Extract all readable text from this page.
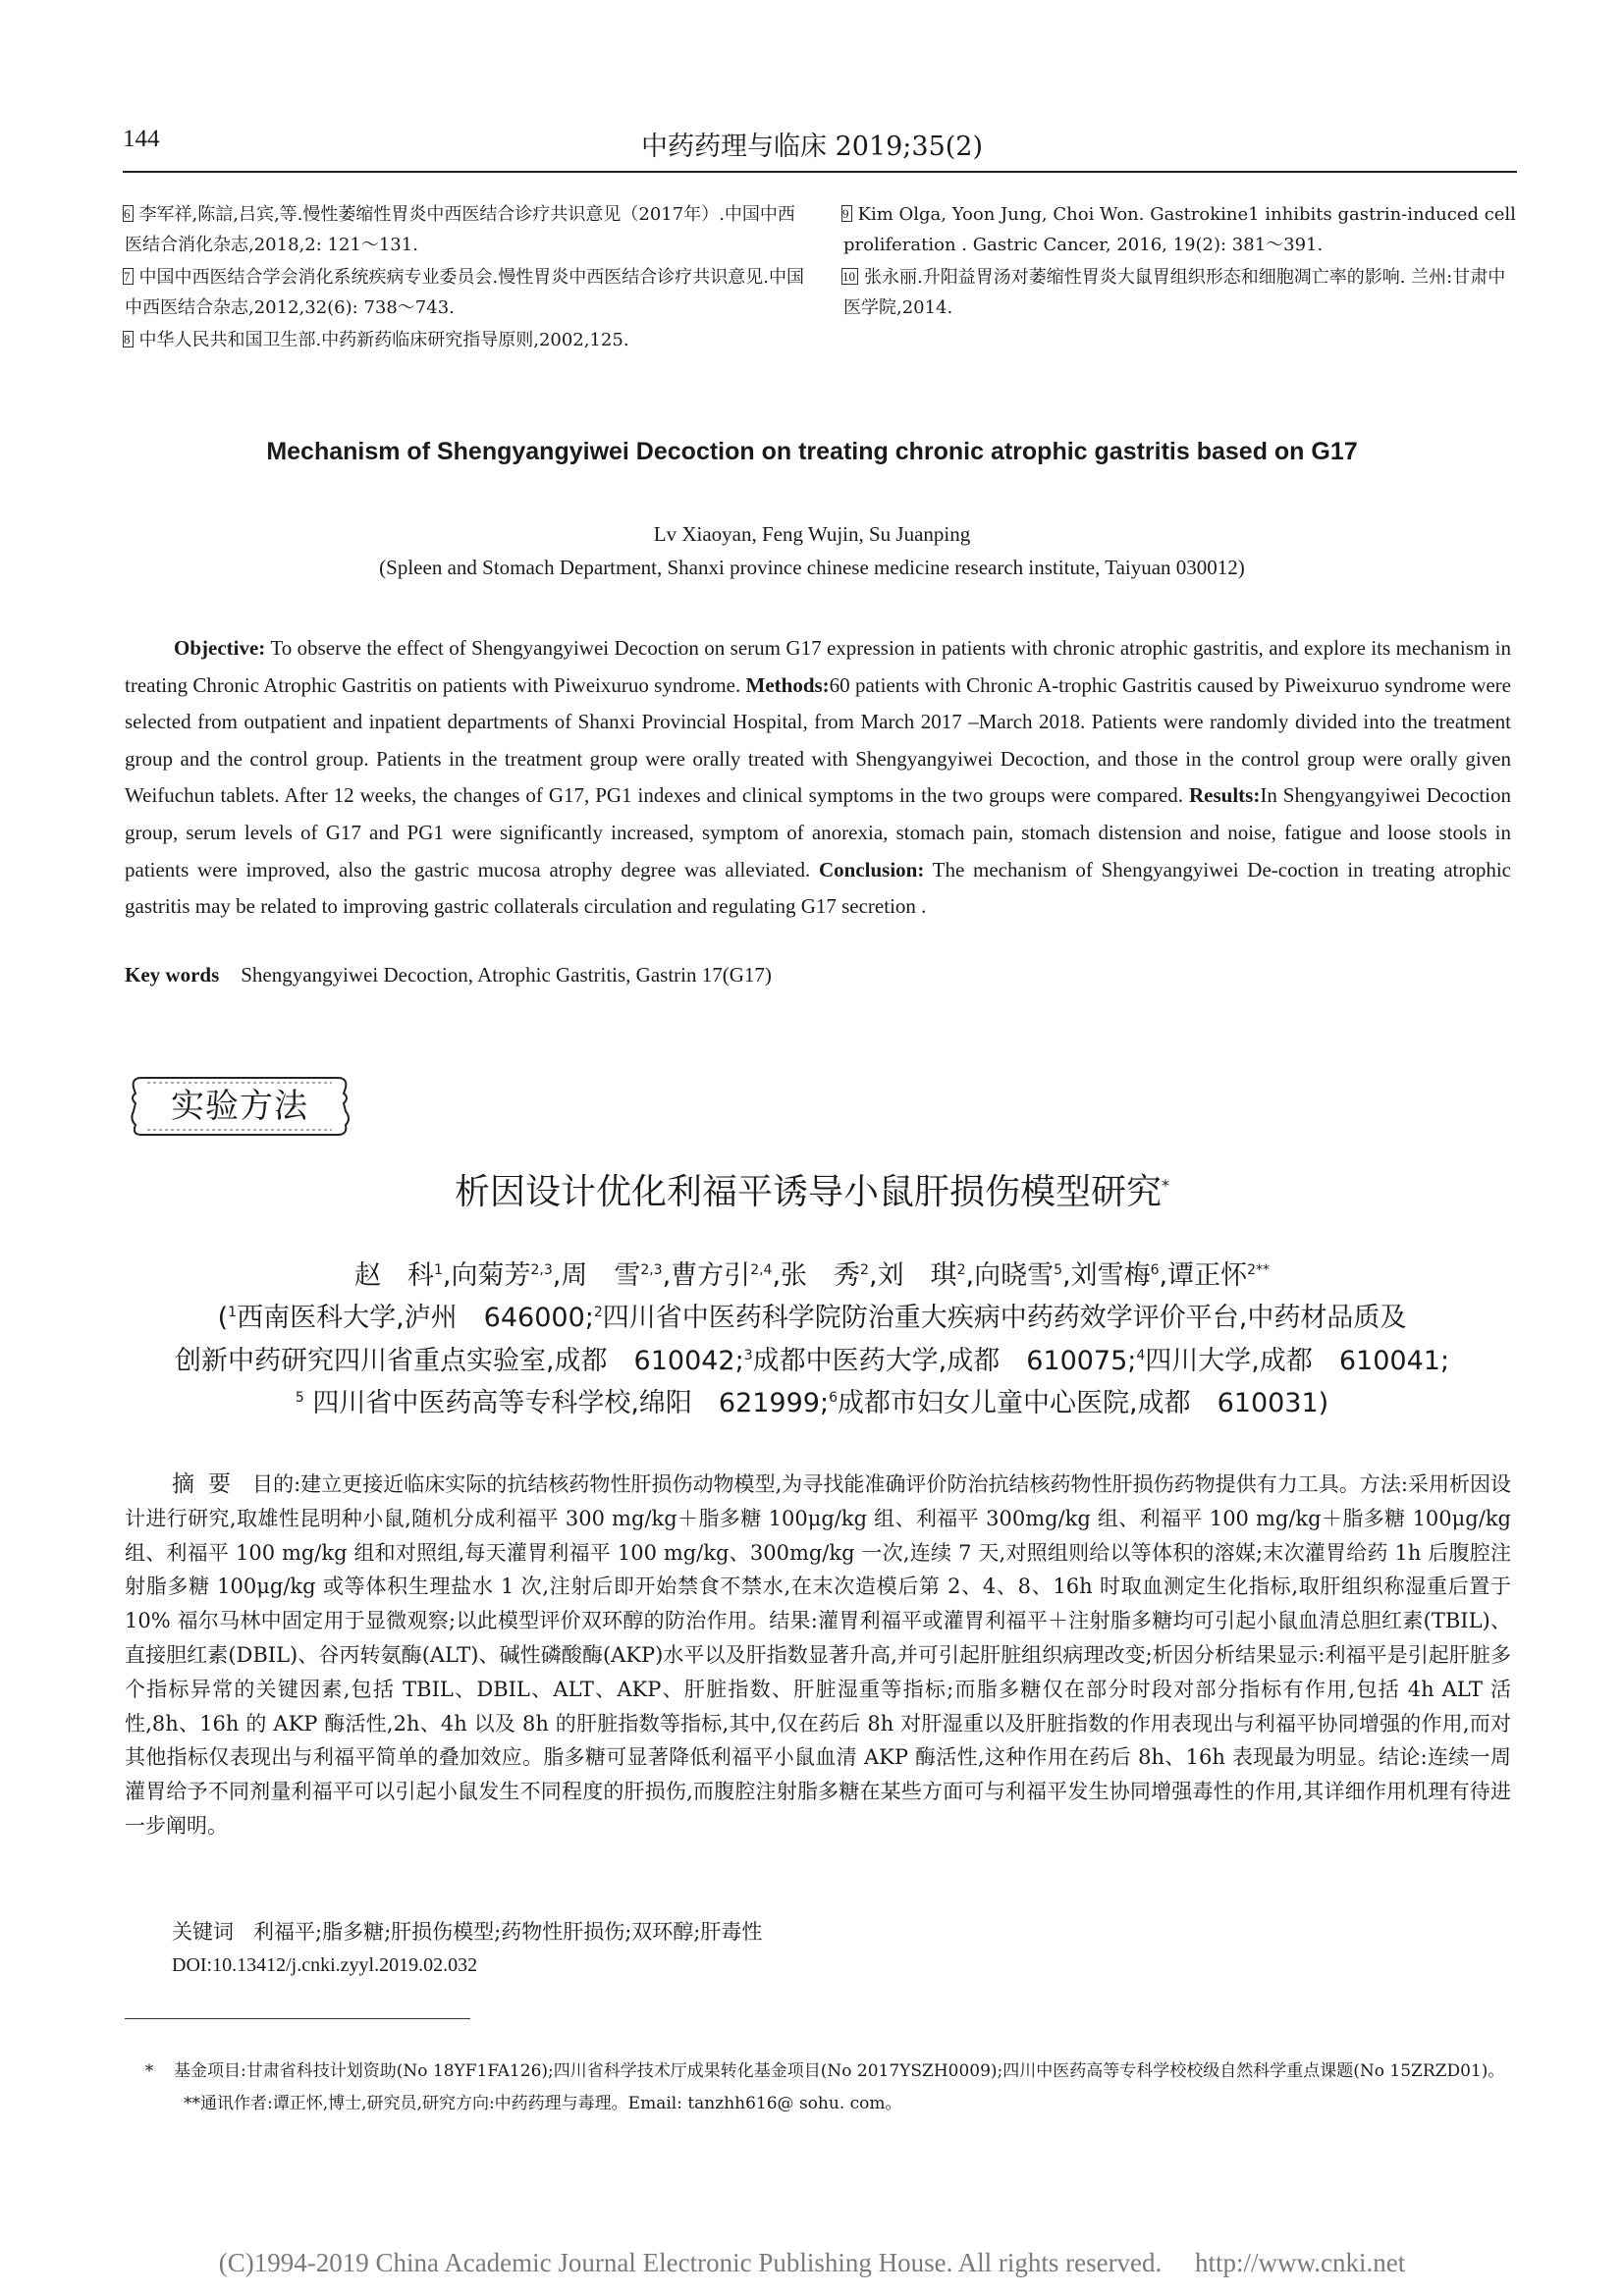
144	中药药理与临床 2019;35(2)
6 李军祥,陈誩,吕宾,等.慢性萎缩性胃炎中西医结合诊疗共识意见（2017年）.中国中西医结合消化杂志,2018,2: 121～131.
7 中国中西医结合学会消化系统疾病专业委员会.慢性胃炎中西医结合诊疗共识意见.中国中西医结合杂志,2012,32(6): 738～743.
8 中华人民共和国卫生部.中药新药临床研究指导原则,2002,125.
9 Kim Olga, Yoon Jung, Choi Won. Gastrokine1 inhibits gastrin-induced cell proliferation . Gastric Cancer, 2016, 19(2): 381～391.
10 张永丽.升阳益胃汤对萎缩性胃炎大鼠胃组织形态和细胞凋亡率的影响. 兰州:甘肃中医学院,2014.
Mechanism of Shengyangyiwei Decoction on treating chronic atrophic gastritis based on G17
Lv Xiaoyan, Feng Wujin, Su Juanping
(Spleen and Stomach Department, Shanxi province chinese medicine research institute, Taiyuan 030012)
Objective: To observe the effect of Shengyangyiwei Decoction on serum G17 expression in patients with chronic atrophic gastritis, and explore its mechanism in treating Chronic Atrophic Gastritis on patients with Piweixuruo syndrome. Methods:60 patients with Chronic A-trophic Gastritis caused by Piweixuruo syndrome were selected from outpatient and inpatient departments of Shanxi Provincial Hospital, from March 2017 –March 2018. Patients were randomly divided into the treatment group and the control group. Patients in the treatment group were orally treated with Shengyangyiwei Decoction, and those in the control group were orally given Weifuchun tablets. After 12 weeks, the changes of G17, PG1 indexes and clinical symptoms in the two groups were compared. Results:In Shengyangyiwei Decoction group, serum levels of G17 and PG1 were significantly increased, symptom of anorexia, stomach pain, stomach distension and noise, fatigue and loose stools in patients were improved, also the gastric mucosa atrophy degree was alleviated. Conclusion: The mechanism of Shengyangyiwei De-coction in treating atrophic gastritis may be related to improving gastric collaterals circulation and regulating G17 secretion .
Key words Shengyangyiwei Decoction, Atrophic Gastritis, Gastrin 17(G17)
实验方法
析因设计优化利福平诱导小鼠肝损伤模型研究*
赵　科$^1$,向菊芳$^{2,3}$,周　雪$^{2,3}$,曹方引$^{2,4}$,张　秀$^2$,刘　琪$^2$,向晓雪$^5$,刘雪梅$^6$,谭正怀$^{2**}$
($^1$西南医科大学,泸州　646000;$^2$四川省中医药科学院防治重大疾病中药药效学评价平台,中药材品质及
创新中药研究四川省重点实验室,成都　610042;$^3$成都中医药大学,成都　610075;$^4$四川大学,成都　610041;
$^5$ 四川省中医药高等专科学校,绵阳　621999;$^6$成都市妇女儿童中心医院,成都　610031)
摘要 目的:建立更接近临床实际的抗结核药物性肝损伤动物模型,为寻找能准确评价防治抗结核药物性肝损伤药物提供有力工具。方法:采用析因设计进行研究,取雄性昆明种小鼠,随机分成利福平 300 mg/kg＋脂多糖 100μg/kg 组、利福平 300mg/kg 组、利福平 100 mg/kg＋脂多糖 100μg/kg 组、利福平 100 mg/kg 组和对照组,每天灌胃利福平 100 mg/kg、300mg/kg 一次,连续 7 天,对照组则给以等体积的溶媒;末次灌胃给药 1h 后腹腔注射脂多糖 100μg/kg 或等体积生理盐水 1 次,注射后即开始禁食不禁水,在末次造模后第 2、4、8、16h 时取血测定生化指标,取肝组织称湿重后置于 10% 福尔马林中固定用于显微观察;以此模型评价双环醇的防治作用。结果:灌胃利福平或灌胃利福平＋注射脂多糖均可引起小鼠血清总胆红素(TBIL)、直接胆红素(DBIL)、谷丙转氨酶(ALT)、碱性磷酸酶(AKP)水平以及肝指数显著升高,并可引起肝脏组织病理改变;析因分析结果显示:利福平是引起肝脏多个指标异常的关键因素,包括 TBIL、DBIL、ALT、AKP、肝脏指数、肝脏湿重等指标;而脂多糖仅在部分时段对部分指标有作用,包括 4h ALT 活性,8h、16h 的 AKP 酶活性,2h、4h 以及 8h 的肝脏指数等指标,其中,仅在药后 8h 对肝湿重以及肝脏指数的作用表现出与利福平协同增强的作用,而对其他指标仅表现出与利福平简单的叠加效应。脂多糖可显著降低利福平小鼠血清 AKP 酶活性,这种作用在药后 8h、16h 表现最为明显。结论:连续一周灌胃给予不同剂量利福平可以引起小鼠发生不同程度的肝损伤,而腹腔注射脂多糖在某些方面可与利福平发生协同增强毒性的作用,其详细作用机理有待进一步阐明。
关键词 利福平;脂多糖;肝损伤模型;药物性肝损伤;双环醇;肝毒性
DOI:10.13412/j.cnki.zyyl.2019.02.032
* 基金项目:甘肃省科技计划资助(No 18YF1FA126);四川省科学技术厅成果转化基金项目(No 2017YSZH0009);四川中医药高等专科学校校级自然科学重点课题(No 15ZRZD01)。**通讯作者:谭正怀,博士,研究员,研究方向:中药药理与毒理。Email: tanzhh616@ sohu. com。
(C)1994-2019 China Academic Journal Electronic Publishing House. All rights reserved.　 http://www.cnki.net
